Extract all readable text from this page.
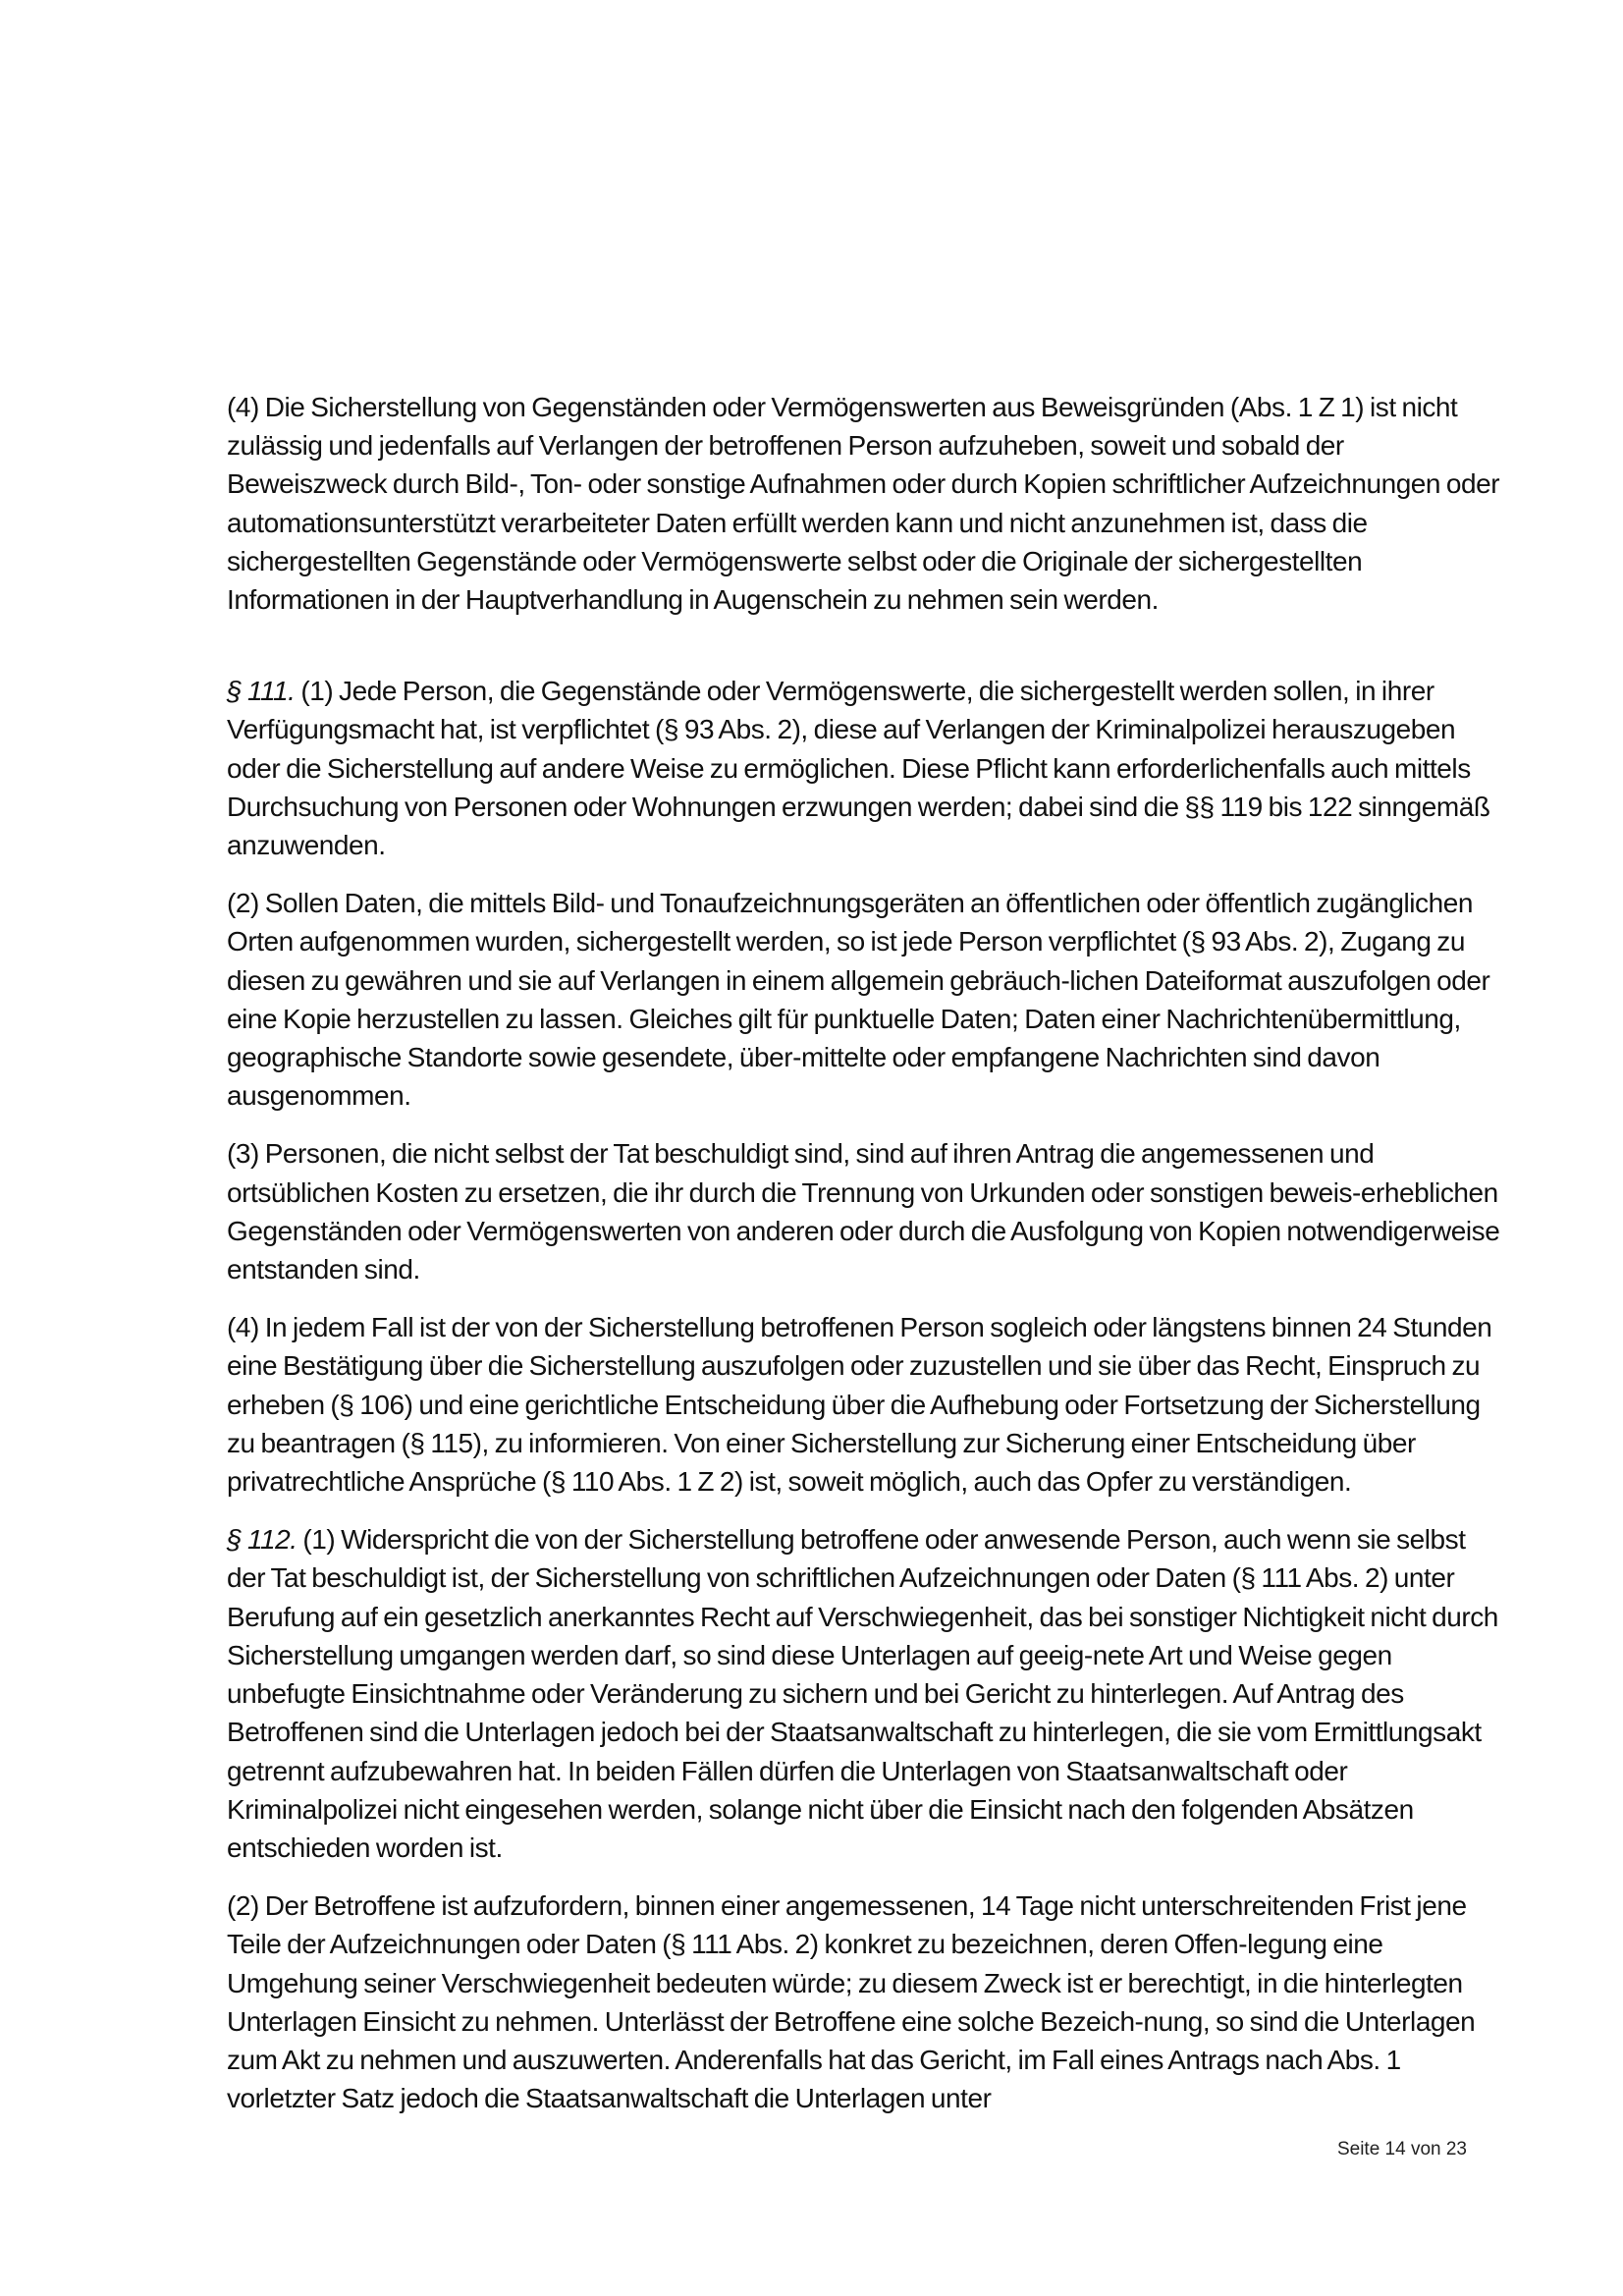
(4) Die Sicherstellung von Gegenständen oder Vermögenswerten aus Beweisgründen (Abs. 1 Z 1) ist nicht zulässig und jedenfalls auf Verlangen der betroffenen Person aufzuheben, soweit und sobald der Beweiszweck durch Bild-, Ton- oder sonstige Aufnahmen oder durch Kopien schriftlicher Aufzeichnungen oder automationsunterstützt verarbeiteter Daten erfüllt werden kann und nicht anzunehmen ist, dass die sichergestellten Gegenstände oder Vermögenswerte selbst oder die Originale der sichergestellten Informationen in der Hauptverhandlung in Augenschein zu nehmen sein werden.

§ 111. (1) Jede Person, die Gegenstände oder Vermögenswerte, die sichergestellt werden sollen, in ihrer Verfügungsmacht hat, ist verpflichtet (§ 93 Abs. 2), diese auf Verlangen der Kriminalpolizei herauszugeben oder die Sicherstellung auf andere Weise zu ermöglichen. Diese Pflicht kann erforderlichenfalls auch mittels Durchsuchung von Personen oder Wohnungen erzwungen werden; dabei sind die §§ 119 bis 122 sinngemäß anzuwenden.

(2) Sollen Daten, die mittels Bild- und Tonaufzeichnungsgeräten an öffentlichen oder öffentlich zugänglichen Orten aufgenommen wurden, sichergestellt werden, so ist jede Person verpflichtet (§ 93 Abs. 2), Zugang zu diesen zu gewähren und sie auf Verlangen in einem allgemein gebräuch-lichen Dateiformat auszufolgen oder eine Kopie herzustellen zu lassen. Gleiches gilt für punktuelle Daten; Daten einer Nachrichtenübermittlung, geographische Standorte sowie gesendete, über-mittelte oder empfangene Nachrichten sind davon ausgenommen.

(3) Personen, die nicht selbst der Tat beschuldigt sind, sind auf ihren Antrag die angemessenen und ortsüblichen Kosten zu ersetzen, die ihr durch die Trennung von Urkunden oder sonstigen beweis-erheblichen Gegenständen oder Vermögenswerten von anderen oder durch die Ausfolgung von Kopien notwendigerweise entstanden sind.

(4) In jedem Fall ist der von der Sicherstellung betroffenen Person sogleich oder längstens binnen 24 Stunden eine Bestätigung über die Sicherstellung auszufolgen oder zuzustellen und sie über das Recht, Einspruch zu erheben (§ 106) und eine gerichtliche Entscheidung über die Aufhebung oder Fortsetzung der Sicherstellung zu beantragen (§ 115), zu informieren. Von einer Sicherstellung zur Sicherung einer Entscheidung über privatrechtliche Ansprüche (§ 110 Abs. 1 Z 2) ist, soweit möglich, auch das Opfer zu verständigen.

§ 112. (1) Widerspricht die von der Sicherstellung betroffene oder anwesende Person, auch wenn sie selbst der Tat beschuldigt ist, der Sicherstellung von schriftlichen Aufzeichnungen oder Daten (§ 111 Abs. 2) unter Berufung auf ein gesetzlich anerkanntes Recht auf Verschwiegenheit, das bei sonstiger Nichtigkeit nicht durch Sicherstellung umgangen werden darf, so sind diese Unterlagen auf geeig-nete Art und Weise gegen unbefugte Einsichtnahme oder Veränderung zu sichern und bei Gericht zu hinterlegen. Auf Antrag des Betroffenen sind die Unterlagen jedoch bei der Staatsanwaltschaft zu hinterlegen, die sie vom Ermittlungsakt getrennt aufzubewahren hat. In beiden Fällen dürfen die Unterlagen von Staatsanwaltschaft oder Kriminalpolizei nicht eingesehen werden, solange nicht über die Einsicht nach den folgenden Absätzen entschieden worden ist.

(2) Der Betroffene ist aufzufordern, binnen einer angemessenen, 14 Tage nicht unterschreitenden Frist jene Teile der Aufzeichnungen oder Daten (§ 111 Abs. 2) konkret zu bezeichnen, deren Offen-legung eine Umgehung seiner Verschwiegenheit bedeuten würde; zu diesem Zweck ist er berechtigt, in die hinterlegten Unterlagen Einsicht zu nehmen. Unterlässt der Betroffene eine solche Bezeich-nung, so sind die Unterlagen zum Akt zu nehmen und auszuwerten. Anderenfalls hat das Gericht, im Fall eines Antrags nach Abs. 1 vorletzter Satz jedoch die Staatsanwaltschaft die Unterlagen unter

Seite 14 von 23
